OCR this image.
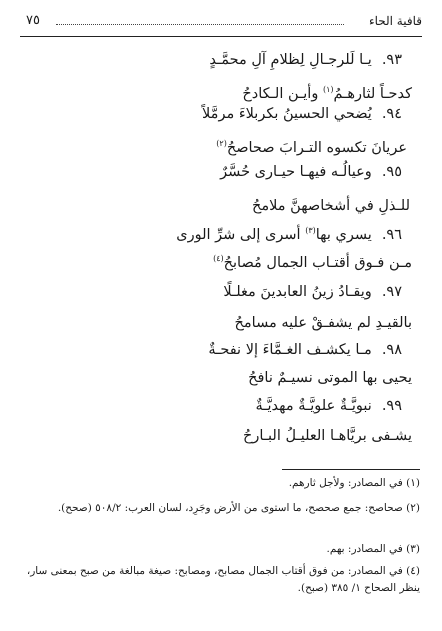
قافية الحاء
٧٥
٩٣.يـا لَلرجـالِ لِظلامِ آلِ محمَّـدٍ
كدحـاً لثارهـمُ$^{(١)}$ وأيـن الـكادحُ
٩٤.يُضحي الحسينُ بكربلاءَ مرمَّلاً
عريانَ تكسوه التـرابَ صحاصحُ$^{(٢)}$
٩٥.وعيالُـه فيهـا حيـارى حُسَّرٌ
للـذلِ في أشخاصهنَّ ملامحُ
٩٦.يسري بها$^{(٣)}$ أسرى إلى شرِّ الورى
مـن فـوق أقتـاب الجمال مُصابحُ$^{(٤)}$
٩٧.ويقـادُ زينُ العابدينَ مغلـلًا
بالقيـدِ لم يشفـقْ عليه مسامحُ
٩٨.مـا يكشـف الغـمَّاءَ إلا نفحـةٌ
يحيى بها الموتى نسيـمٌ نافحُ
٩٩.نبويَّـةٌ علويَّـةٌ مهديَّـةٌ
يشـفى بريَّاهـا العليـلُ البـارحُ
(١) في المصادر: ولأجل ثارهم.
(٢) صحاصح: جمع صحصح، ما استوى من الأرض وجَرِد، لسان العرب: ٥٠٨/٢ (صحح).
(٣) في المصادر: بهم.
(٤) في المصادر: من فوق أقتاب الجمال مصابح، ومصابح: صيغة مبالغة من صبح بمعنى سار، ينظر الصحاح ١/ ٣٨٥ (صبح).
